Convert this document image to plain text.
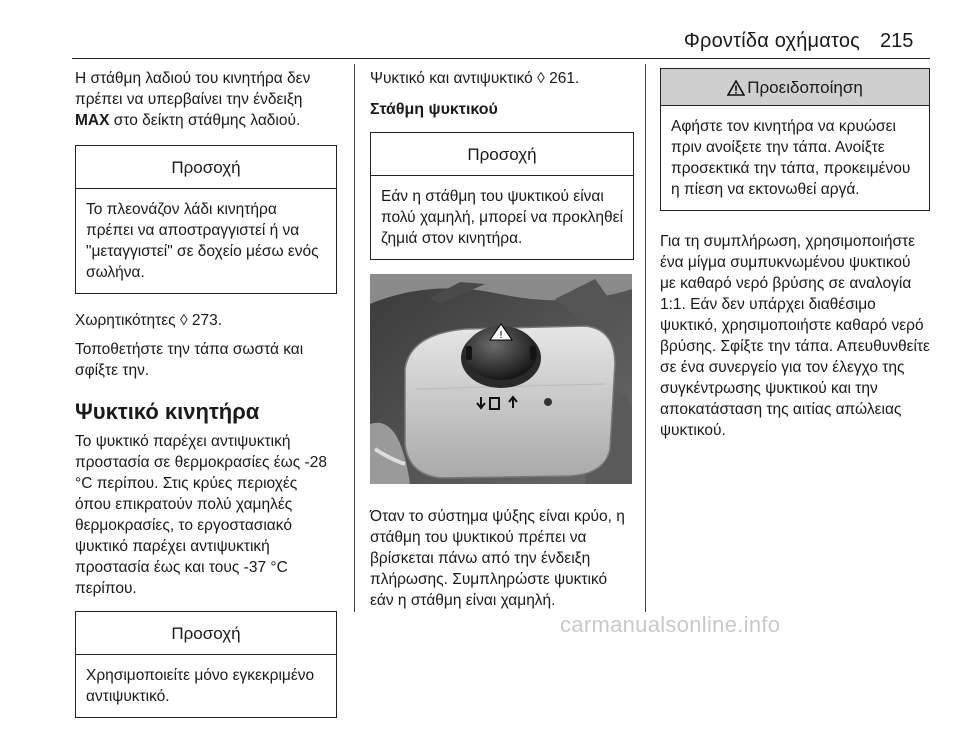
Φροντίδα οχήματος 215

Η στάθμη λαδιού του κινητήρα δεν πρέπει να υπερβαίνει την ένδειξη MAX στο δείκτη στάθμης λαδιού.

Προσοχή
Το πλεονάζον λάδι κινητήρα πρέπει να αποστραγγιστεί ή να "μεταγγιστεί" σε δοχείο μέσω ενός σωλήνα.

Χωρητικότητες ◊ 273.

Τοποθετήστε την τάπα σωστά και σφίξτε την.

Ψυκτικό κινητήρα

Το ψυκτικό παρέχει αντιψυκτική προστασία σε θερμοκρασίες έως -28 °C περίπου. Στις κρύες περιοχές όπου επικρατούν πολύ χαμηλές θερμοκρασίες, το εργοστασιακό ψυκτικό παρέχει αντιψυκτική προστασία έως και τους -37 °C περίπου.

Προσοχή
Χρησιμοποιείτε μόνο εγκεκριμένο αντιψυκτικό.

Ψυκτικό και αντιψυκτικό ◊ 261.

Στάθμη ψυκτικού
Προσοχή
Εάν η στάθμη του ψυκτικού είναι πολύ χαμηλή, μπορεί να προκληθεί ζημιά στον κινητήρα.
!

Όταν το σύστημα ψύξης είναι κρύο, η στάθμη του ψυκτικού πρέπει να βρίσκεται πάνω από την ένδειξη πλήρωσης. Συμπληρώστε ψυκτικό εάν η στάθμη είναι χαμηλή.

Προειδοποίηση
Αφήστε τον κινητήρα να κρυώσει πριν ανοίξετε την τάπα. Ανοίξτε προσεκτικά την τάπα, προκειμένου η πίεση να εκτονωθεί αργά.

Για τη συμπλήρωση, χρησιμοποιήστε ένα μίγμα συμπυκνωμένου ψυκτικού με καθαρό νερό βρύσης σε αναλογία 1:1. Εάν δεν υπάρχει διαθέσιμο ψυκτικό, χρησιμοποιήστε καθαρό νερό βρύσης. Σφίξτε την τάπα. Απευθυνθείτε σε ένα συνεργείο για τον έλεγχο της συγκέντρωσης ψυκτικού και την αποκατάσταση της αιτίας απώλειας ψυκτικού.

carmanualsonline.info
